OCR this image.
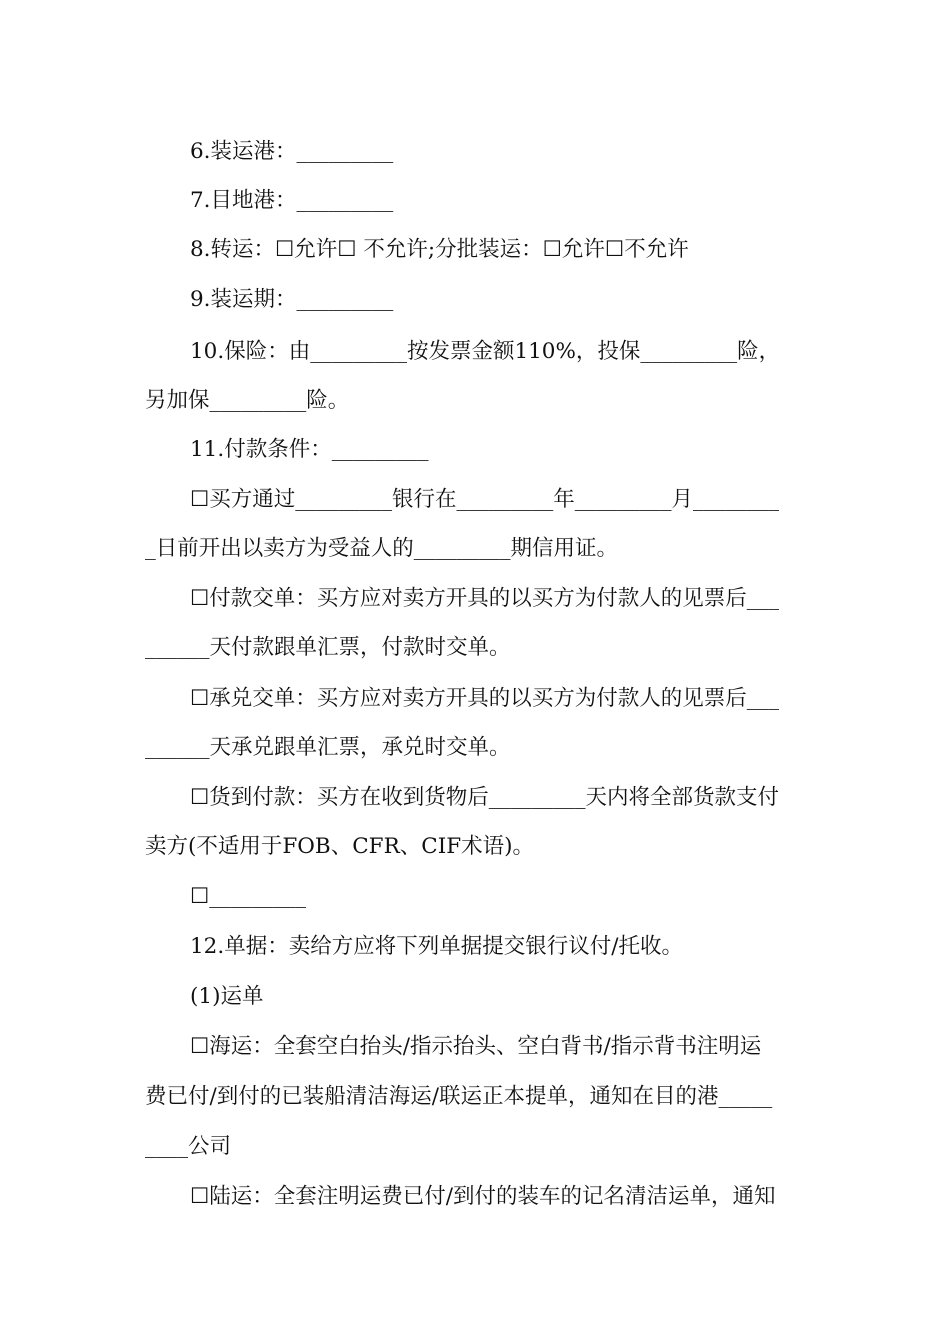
6.装运港：_________
7.目地港：_________
8.转运：☐允许☐ 不允许;分批装运：☐允许☐不允许
9.装运期：_________
10.保险：由_________按发票金额110%，投保_________险，
另加保_________险。
11.付款条件：_________
☐买方通过_________银行在_________年_________月________
_日前开出以卖方为受益人的_________期信用证。
☐付款交单：买方应对卖方开具的以买方为付款人的见票后___
______天付款跟单汇票，付款时交单。
☐承兑交单：买方应对卖方开具的以买方为付款人的见票后___
______天承兑跟单汇票，承兑时交单。
☐货到付款：买方在收到货物后_________天内将全部货款支付
卖方(不适用于FOB、CFR、CIF术语)。
☐_________
12.单据：卖给方应将下列单据提交银行议付/托收。
(1)运单
☐海运：全套空白抬头/指示抬头、空白背书/指示背书注明运
费已付/到付的已装船清洁海运/联运正本提单，通知在目的港_____
____公司
☐陆运：全套注明运费已付/到付的装车的记名清洁运单，通知
